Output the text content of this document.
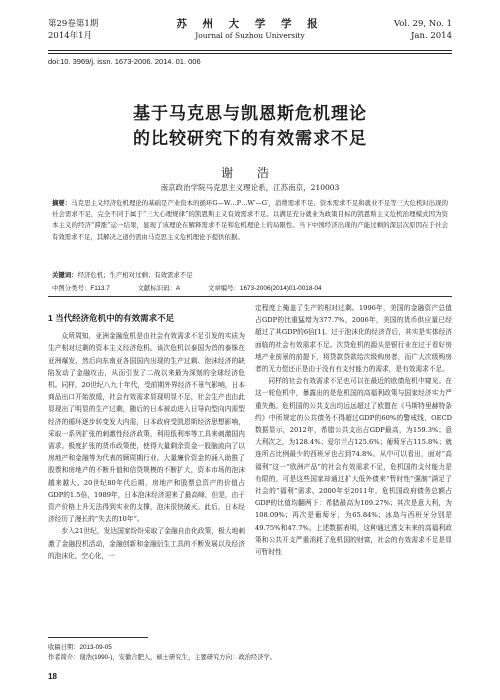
第29卷第1期
2014年1月
苏 州 大 学 学 报
Journal of Suzhou University
Vol. 29, No. 1
Jan. 2014
doi:10. 3969/j. issn. 1673-2006. 2014. 01. 006
基于马克思与凯恩斯危机理论
的比较研究下的有效需求不足
谢 浩
南京政治学院马克思主义理论系，江苏南京，210003
摘要：马克思主义经济危机理论的基础是产业资本的循环G—W…P…W′—G′，消费需求不足、资本需求不足和就业不足等三大危机时出现的社会需求不足，完全不同于属于“三大心理规律”的凯恩斯主义有效需求不足。以满足充分就业为政策目标的凯恩斯主义危机治理模式因为资本主义的经济“滞涨”运一结果，显现了该理论在解释需求不足和危机理论上的局限性。当下中国经济出现的产能过剩的深层次原因在于社会有效需求不足，其解决之道仍需由马克思主义危机理论予提供依据。
关键词：经济危机；生产相对过剩；有效需求不足
中图分类号：F113.7	文献标识码：A	文章编号：1673-2006(2014)01-0018-04
1 当代经济危机中的有效需求不足

众所周知，亚洲金融危机是由社会有效需求不足引发的实质为生产相对过剩的资本主义经济危机。该次危机以泰国为首的泰铢在亚洲爆发，然后向东南亚各国国内出现的生产过剩、泡沫经济的缺陷发动了金融攻击，从而引发了二战以来最为深刻的全球经济危机。同样，20世纪八九十年代，受前期外界经济不景气影响，日本商品出口开始放缓，社会有效需求显现明显不足，社会生产也由此显现出了明显的生产过剩，随后的日本被动进入日导向型向内需型经济的循环逐步转变发大内需，日本政府受凯恩斯经济思想影响，采取一系列扩张的刺激性经济政策，利用低利率等工具来刺激国内需求。极度扩张的货币政策使，使得大量剩余资金一股脑流向了以房地产和金融等为代表的顾周期行业。大量廉价资金的涌入助推了股票和房地产的不断升值和信贷规模的不断扩大，资本市场的泡沫越来越大。20世纪80年代后期，房地产和股票总资产的价值占GDP的1.5倍，1989年，日本泡沫经济迎来了最高峰，但是，由于资产价格上升无法得到实业的支撑，泡沫很快破灭。此后，日本经济经历了漫长的“失去的10年”。

步入21世纪，发达国家纷纷采取了金融自由化政策，极大地刺激了金融投机活动，金融创新和金融衍生工具的不断发展以及经济的泡沫化，空心化，一

定程度上掩盖了生产的相对过剩。1996年，美国的金融资产总值占GDP的比重猛增为377.7%，2006年，美国的货币供应量已经超过了其GDP的6倍[1]。过于泡沫化的经济背后，其实是实体经济面临的社会有效需求不足。次贷危机的源头是银行业在过于看好房地产业前景的前提下，将贷款贷款给次级购房者，而广大次级购房者的无力偿还正是由于没有有支付能力的需求，是有效需求不足。

同样的社会有效需求不足也可以在最近的欧债危机中窥见。在这一轮危机中，暴露出的是危机国的高福利政策与国家经济实力严重失衡。危机国的公共支出均远远超过了欧盟在《马斯特里赫特条约》中所规定的公共债务不得超过GDP的60%的警戒线，OECD数据显示，2012年，希腊公共支出占GDP最高，为159.3%；意大利次之，为128.4%；爱尔兰占125.6%；葡萄牙占115.8%；就连所占比例最少的西班牙也占到74.8%。从中可以看出，面对“高福利”这一“欧洲产品”的社会有效需求不足，危机国的支付能力是有限的，可是这些国家却通过扩大低外债来“暂时性”强制“满足了社会的“福利”需求。2000年至2011年，危机国政府债务总额占GDP的比值均翻两下：希腊最高为109.27%；其次是意大利，为108.09%；再次是葡萄牙，为65.84%；冰岛与西班牙分别是49.75%和47.7%。上述数据表明，这种通过透支未来的高福利政策和公共开支严重消耗了危机国的财富，社会的有效需求不足是显可暂时性

收稿日期：2013-09-05
作者简介：谢浩(1990-)，安徽合肥人，硕士研究生，主要研究方向：政治经济学。
18
